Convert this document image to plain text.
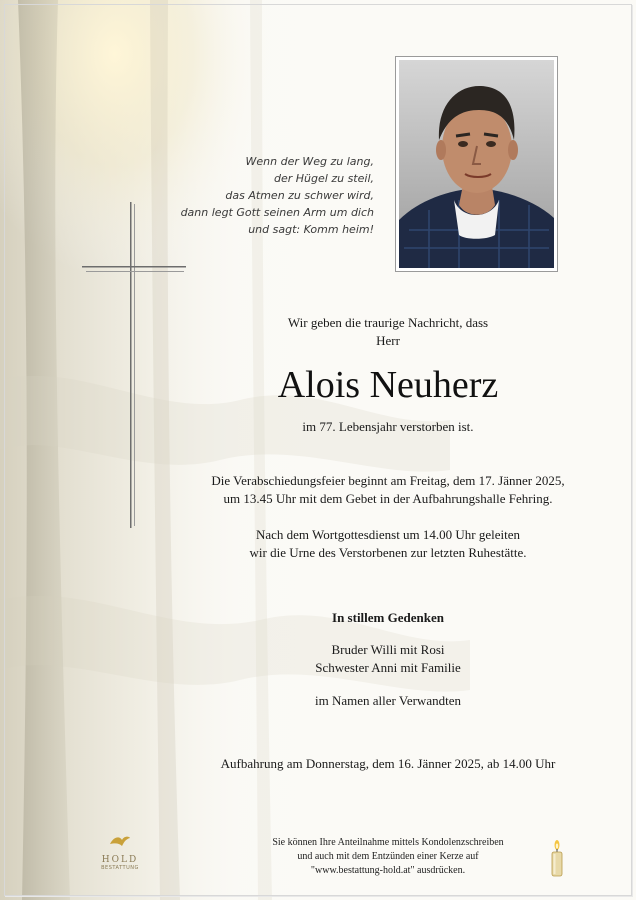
Wenn der Weg zu lang,
der Hügel zu steil,
das Atmen zu schwer wird,
dann legt Gott seinen Arm um dich
und sagt: Komm heim!
Wir geben die traurige Nachricht, dass
Herr
Alois Neuherz
im 77. Lebensjahr verstorben ist.
Die Verabschiedungsfeier beginnt am Freitag, dem 17. Jänner 2025,
um 13.45 Uhr mit dem Gebet in der Aufbahrungshalle Fehring.
Nach dem Wortgottesdienst um 14.00 Uhr geleiten
wir die Urne des Verstorbenen zur letzten Ruhestätte.
In stillem Gedenken
Bruder Willi mit Rosi
Schwester Anni mit Familie
im Namen aller Verwandten
Aufbahrung am Donnerstag, dem 16. Jänner 2025, ab 14.00 Uhr
HOLD
BESTATTUNG
Sie können Ihre Anteilnahme mittels Kondolenzschreiben
und auch mit dem Entzünden einer Kerze auf
"www.bestattung-hold.at" ausdrücken.
